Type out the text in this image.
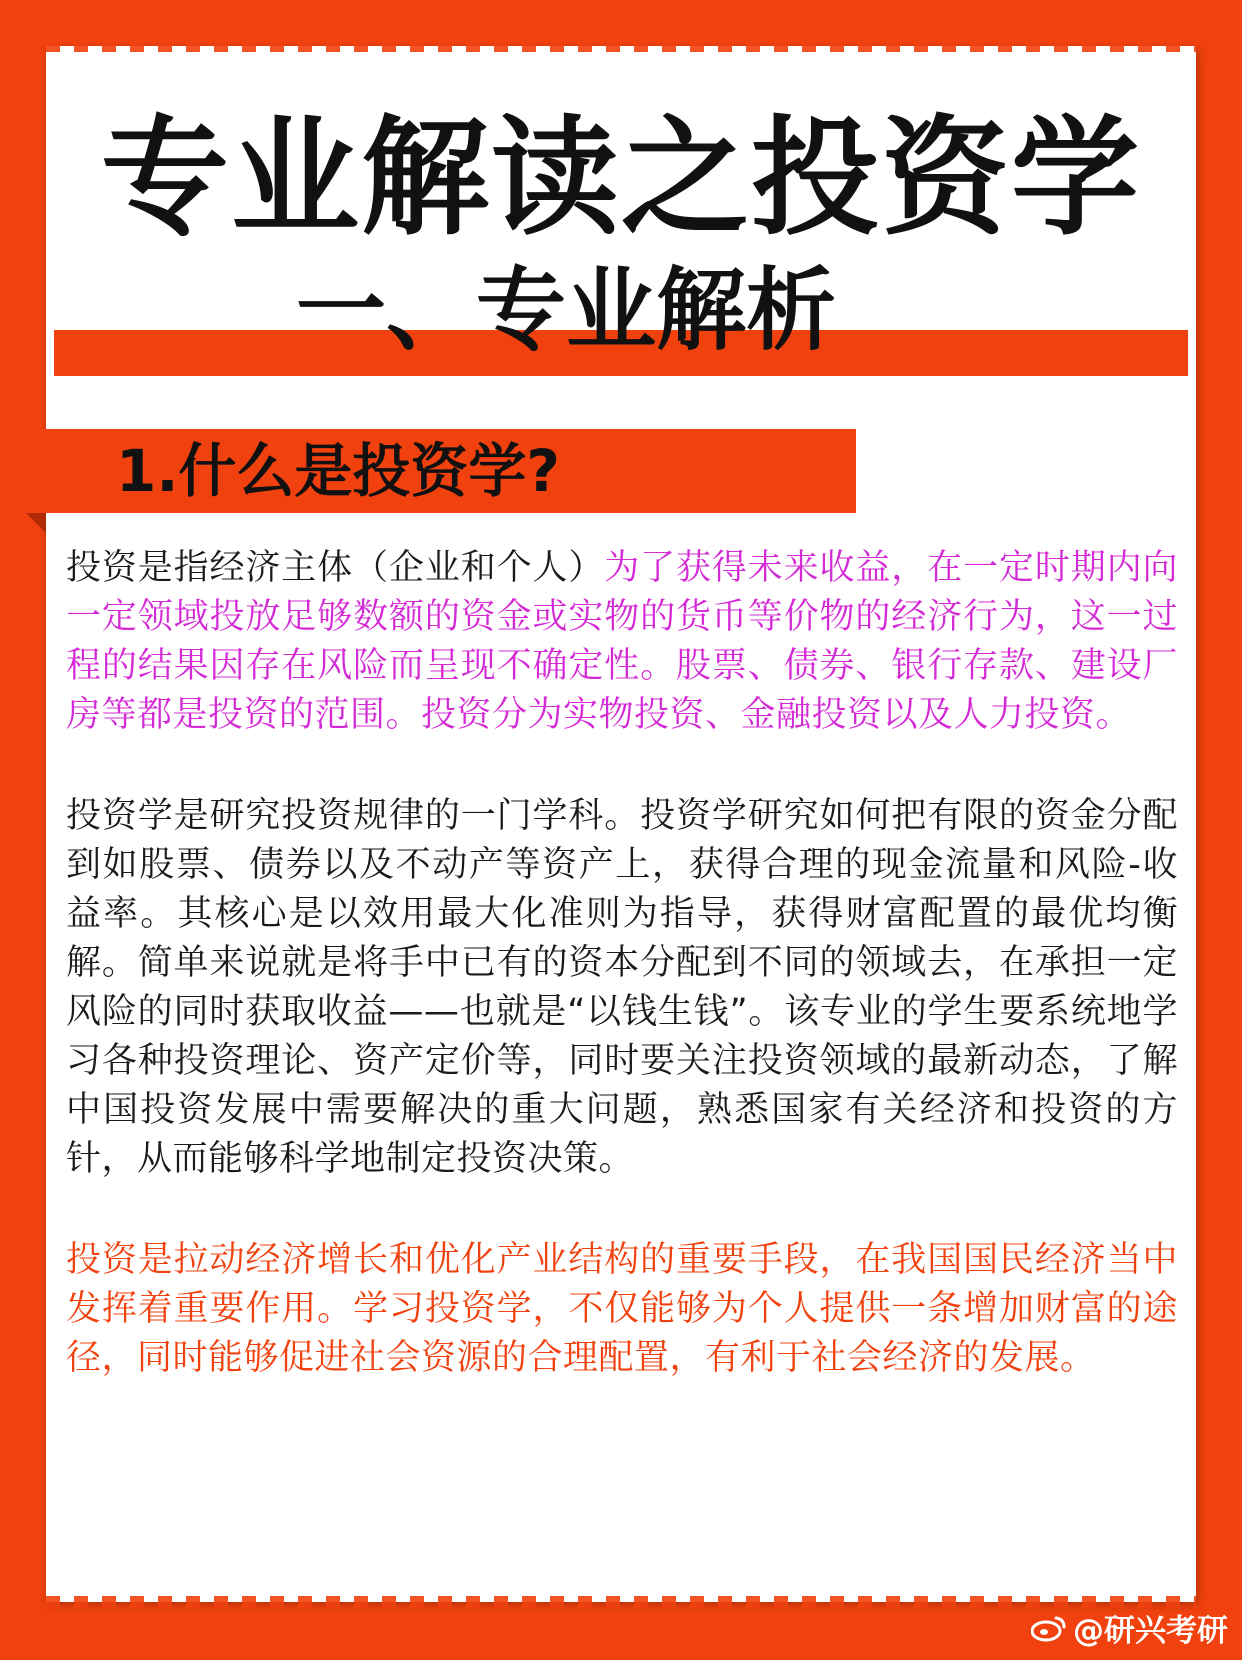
专业解读之投资学
一、专业解析
1.什么是投资学?

投资是指经济主体（企业和个人）为了获得未来收益，在一定时期内向一定领域投放足够数额的资金或实物的货币等价物的经济行为，这一过程的结果因存在风险而呈现不确定性。股票、债券、银行存款、建设厂房等都是投资的范围。投资分为实物投资、金融投资以及人力投资。

投资学是研究投资规律的一门学科。投资学研究如何把有限的资金分配到如股票、债券以及不动产等资产上，获得合理的现金流量和风险-收益率。其核心是以效用最大化准则为指导，获得财富配置的最优均衡解。简单来说就是将手中已有的资本分配到不同的领域去，在承担一定风险的同时获取收益——也就是“以钱生钱”。该专业的学生要系统地学习各种投资理论、资产定价等，同时要关注投资领域的最新动态，了解中国投资发展中需要解决的重大问题，熟悉国家有关经济和投资的方针，从而能够科学地制定投资决策。

投资是拉动经济增长和优化产业结构的重要手段，在我国国民经济当中发挥着重要作用。学习投资学，不仅能够为个人提供一条增加财富的途径，同时能够促进社会资源的合理配置，有利于社会经济的发展。

@研兴考研
